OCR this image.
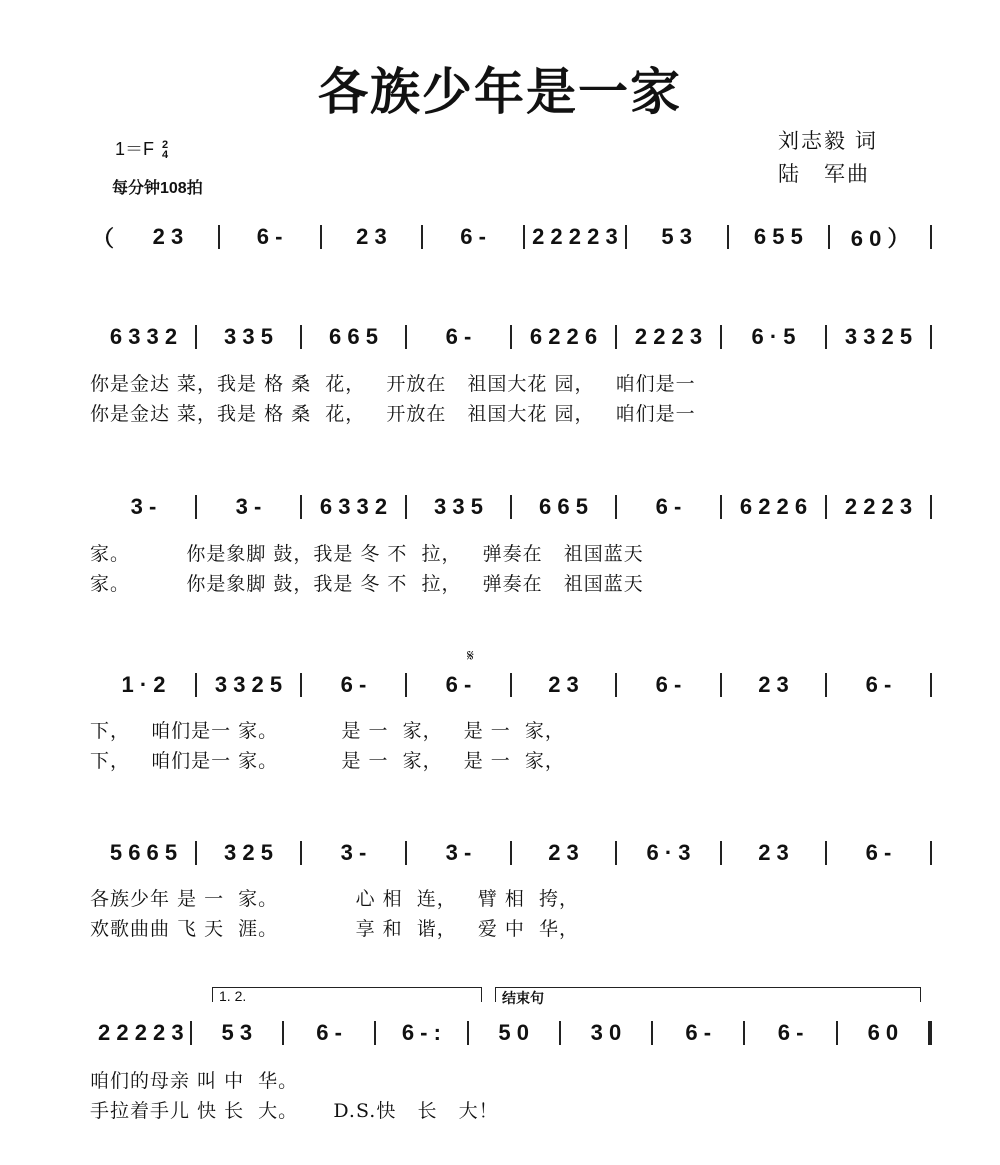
各族少年是一家
1＝F 2
4
每分钟108拍
刘志毅 词
陆　军曲
𝄋
1. 2.	结束句
（	2 3	6 -	2 3	6 -	2 2 2 2 3	5 3	6 5 5	6 0 ）
6 3 3 2	3 3 5	6 6 5	6 -	6 2 2 6	2 2 2 3	6 · 5	3 3 2 5
你是金达 菜，我是 格 桑  花，   开放在   祖国大花 园，   咱们是一
你是金达 菜，我是 格 桑  花，   开放在   祖国大花 园，   咱们是一
3 -	3 -	6 3 3 2	3 3 5	6 6 5	6 -	6 2 2 6	2 2 2 3
家。        你是象脚 鼓，我是 冬 不  拉，   弹奏在   祖国蓝天
家。        你是象脚 鼓，我是 冬 不  拉，   弹奏在   祖国蓝天
1 · 2	3 3 2 5	6 -	6 -	2 3	6 -	2 3	6 -
下，   咱们是一 家。         是 一  家，   是 一  家，
下，   咱们是一 家。         是 一  家，   是 一  家，
5 6 6 5	3 2 5	3 -	3 -	2 3	6 · 3	2 3	6 -
各族少年 是 一  家。           心 相  连，   臂 相  挎，
欢歌曲曲 飞 天  涯。           享 和  谐，   爱 中  华，
2 2 2 2 3	5 3	6 -	6 - :	5 0	3 0	6 -	6 -	6 0
咱们的母亲 叫 中  华。
手拉着手儿 快 长  大。     D.S.快   长   大！
